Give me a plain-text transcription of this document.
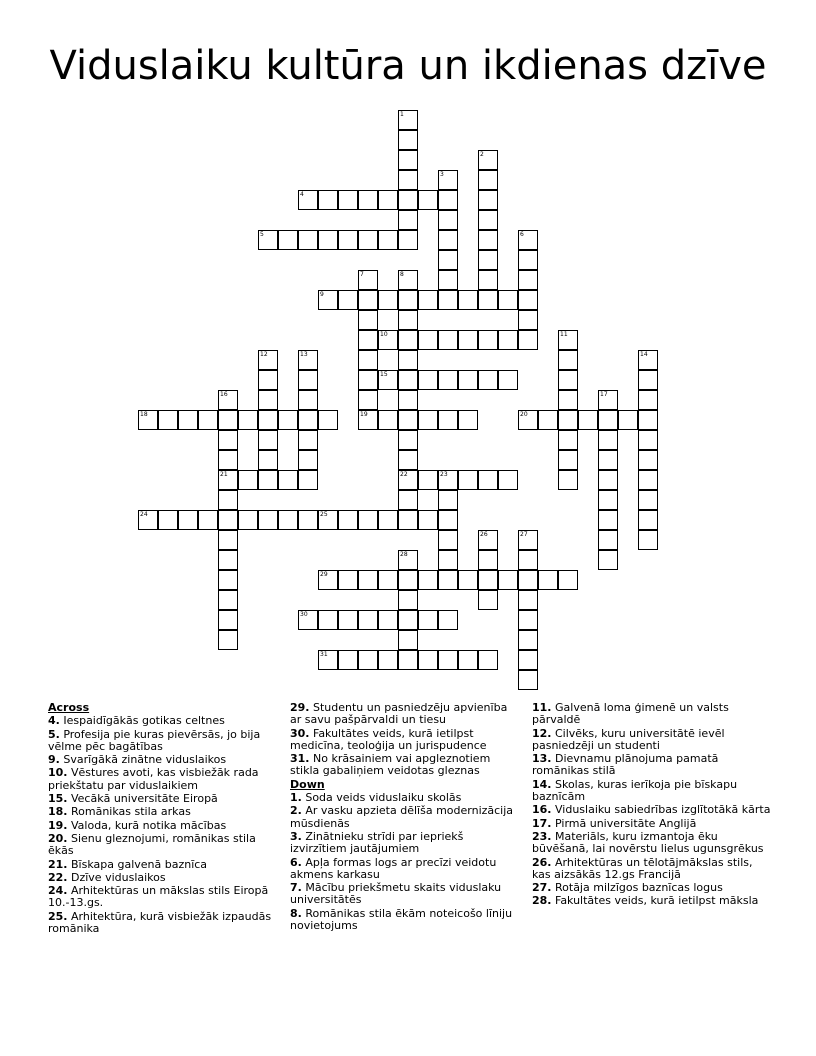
Viduslaiku kultūra un ikdienas dzīve
1
2
3
4
5	6
7	8
22
9
10	11
12	13	14
15
16
21
17
18	19	20
23
24	25
26	27
28
29
30
31

Across

4. Iespaidīgākās gotikas celtnes

5. Profesija pie kuras pievērsās, jo bija vēlme pēc bagātības

9. Svarīgākā zinātne viduslaikos

10. Vēstures avoti, kas visbiežāk rada priekštatu par viduslaikiem

15. Vecākā universitāte Eiropā

18. Romānikas stila arkas

19. Valoda, kurā notika mācības

20. Sienu gleznojumi, romānikas stila ēkās

21. Bīskapa galvenā baznīca

22. Dzīve viduslaikos

24. Arhitektūras un mākslas stils Eiropā 10.-13.gs.

25. Arhitektūra, kurā visbiežāk izpaudās romānika

29. Studentu un pasniedzēju apvienība ar savu pašpārvaldi un tiesu

30. Fakultātes veids, kurā ietilpst medicīna, teoloģija un jurispudence

31. No krāsainiem vai apgleznotiem stikla gabaliņiem veidotas gleznas

Down

1. Soda veids viduslaiku skolās

2. Ar vasku apzieta dēlīša modernizācija mūsdienās

3. Zinātnieku strīdi par iepriekš izvirzītiem jautājumiem

6. Apļa formas logs ar precīzi veidotu akmens karkasu

7. Mācību priekšmetu skaits viduslaku universitātēs

8. Romānikas stila ēkām noteicošo līniju novietojums

11. Galvenā loma ģimenē un valsts pārvaldē

12. Cilvēks, kuru universitātē ievēl pasniedzēji un studenti

13. Dievnamu plānojuma pamatā romānikas stilā

14. Skolas, kuras ierīkoja pie bīskapu baznīcām

16. Viduslaiku sabiedrības izglītotākā kārta

17. Pirmā universitāte Anglijā

23. Materiāls, kuru izmantoja ēku būvēšanā, lai novērstu lielus ugunsgrēkus

26. Arhitektūras un tēlotājmākslas stils, kas aizsākās 12.gs Francijā

27. Rotāja milzīgos baznīcas logus

28. Fakultātes veids, kurā ietilpst māksla
